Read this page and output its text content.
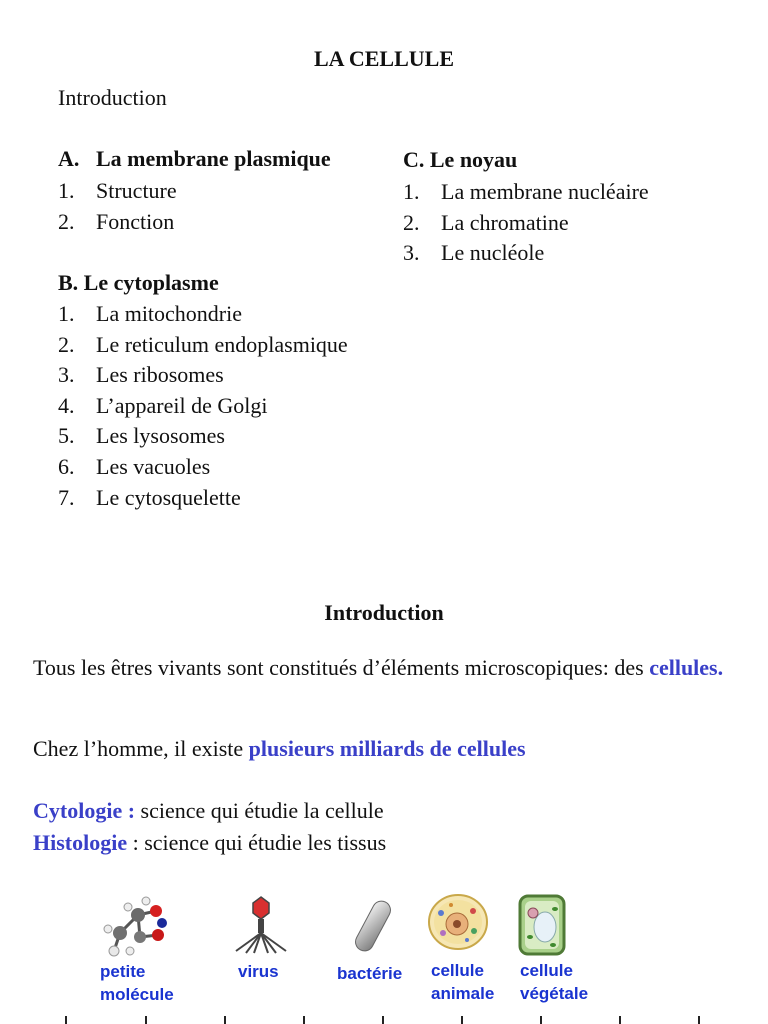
LA CELLULE
Introduction
A. La membrane plasmique
1. Structure
2. Fonction
C. Le noyau
1. La membrane nucléaire
2. La chromatine
3. Le nucléole
B. Le cytoplasme
1. La mitochondrie
2. Le reticulum endoplasmique
3. Les ribosomes
4. L’appareil de Golgi
5. Les lysosomes
6. Les vacuoles
7. Le cytosquelette
Introduction
Tous les êtres vivants sont constitués d’éléments microscopiques: des cellules.
Chez l’homme, il existe plusieurs milliards de cellules
Cytologie : science qui étudie la cellule
Histologie : science qui étudie les tissus
petite
molécule
virus	bactérie cellule
animale
cellule
végétale
